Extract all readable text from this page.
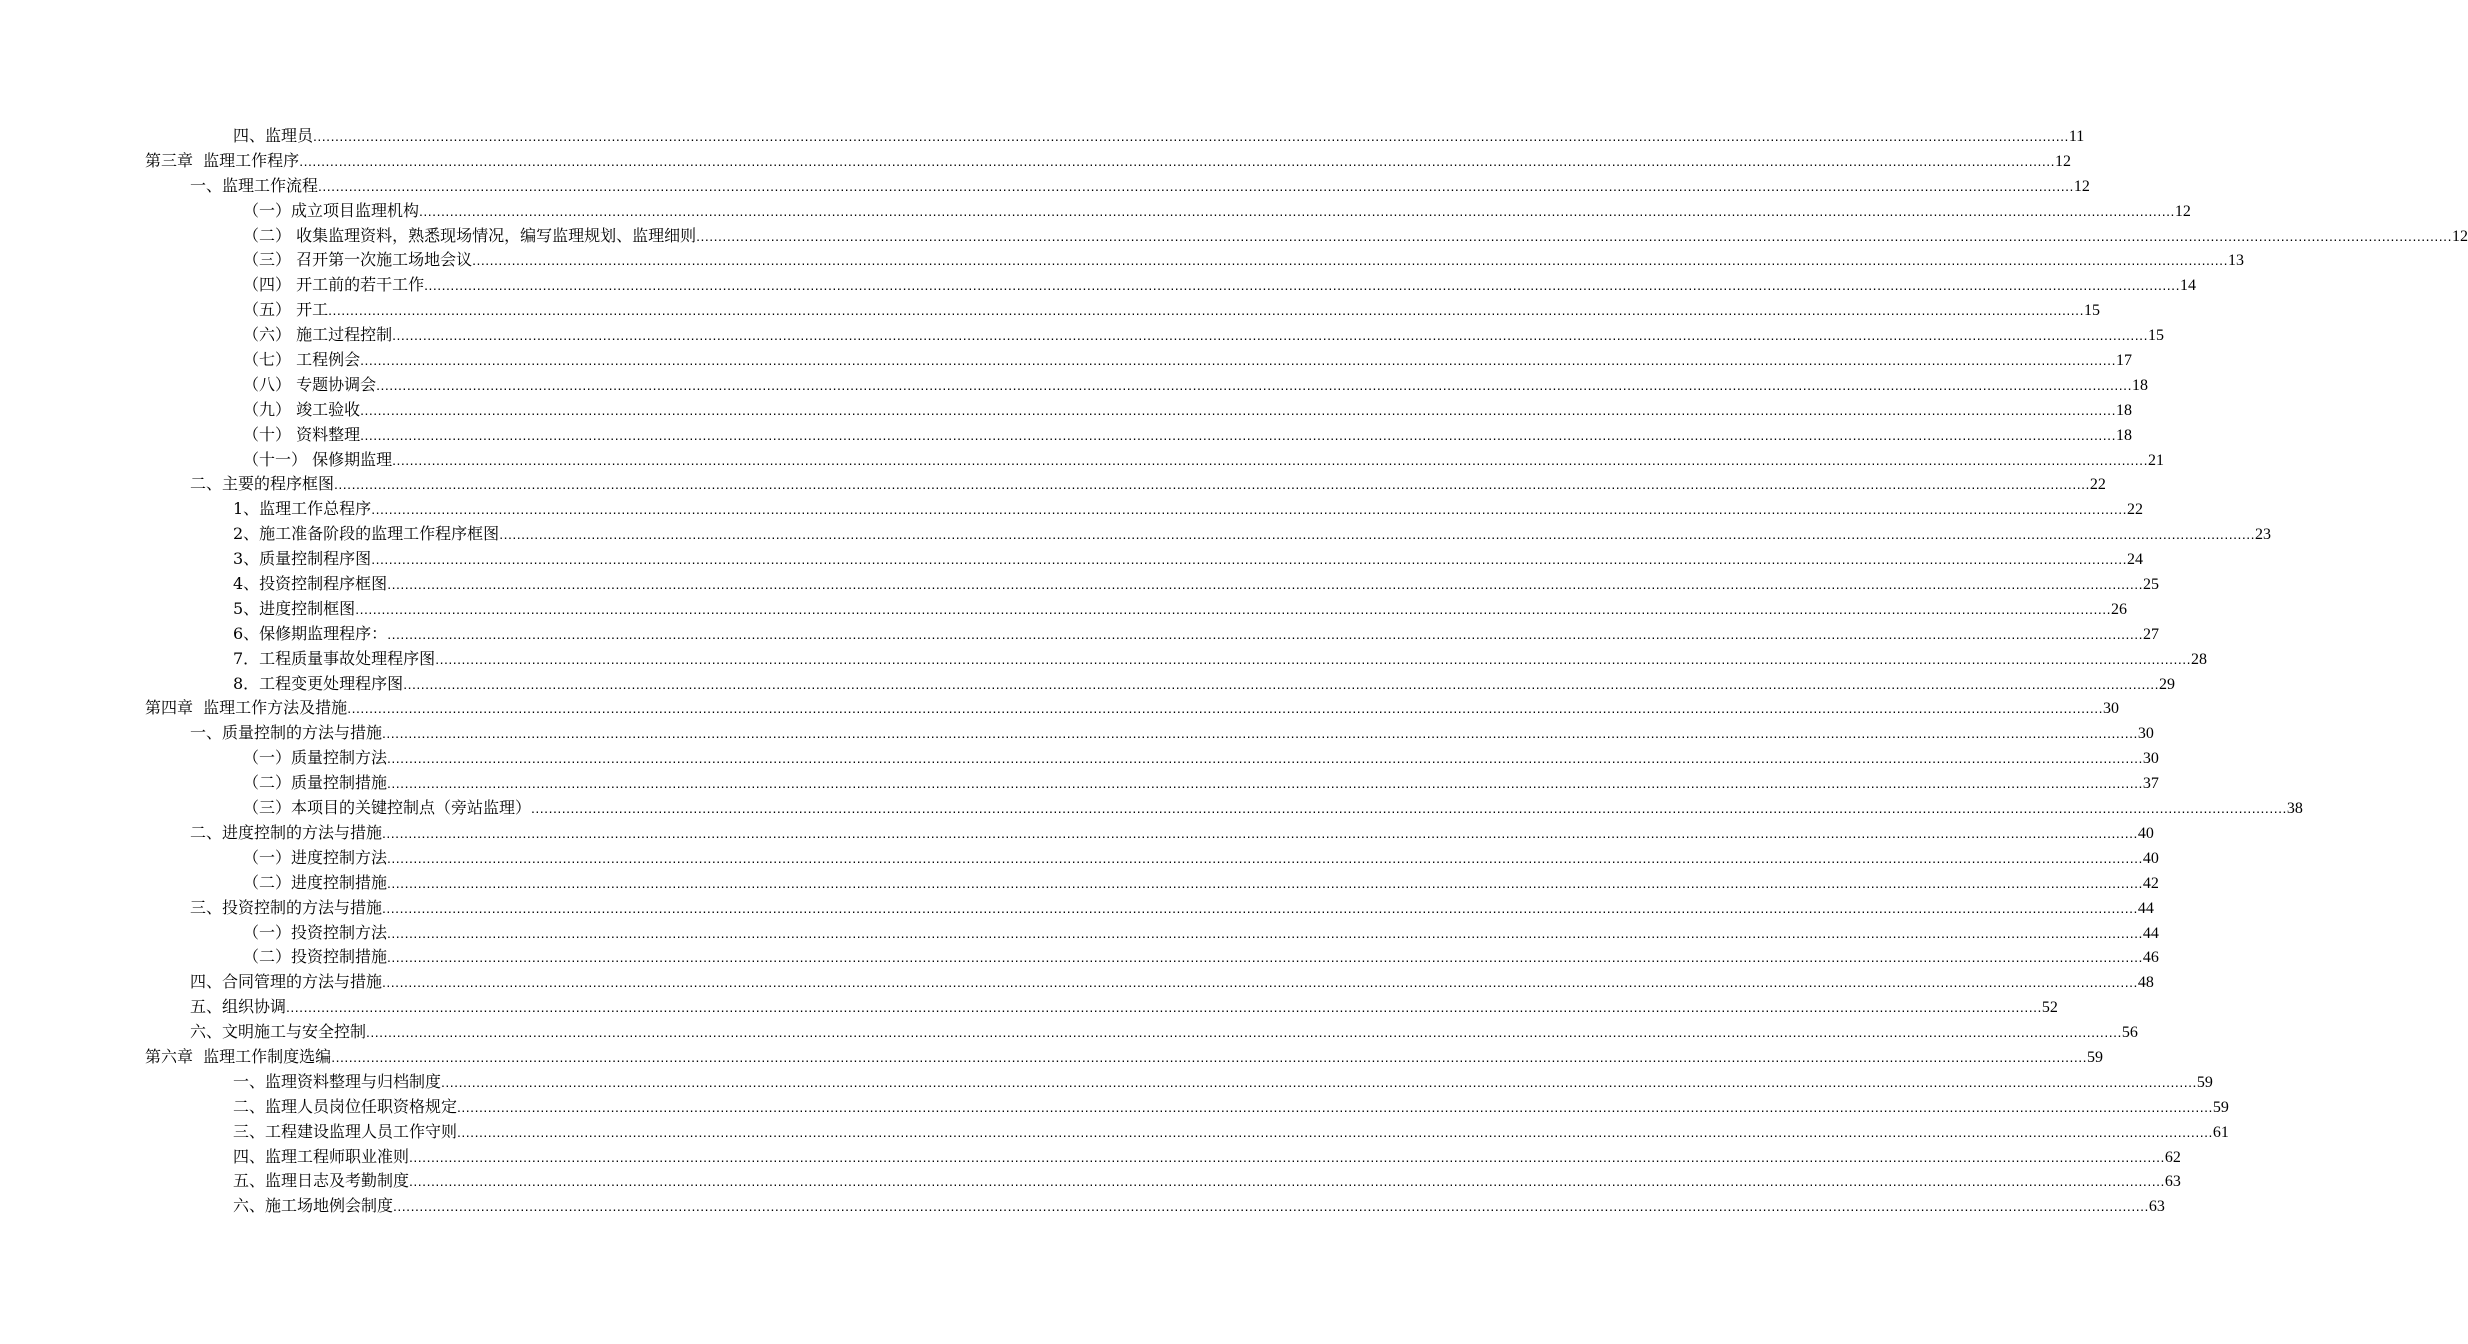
四、监理员 ................................................................................................................................................................................................................................................................................................................................................................................................................ 11
第三章  监理工作程序 ................................................................................................................................................................................................................................................................................................................................................................................................................ 12
一、监理工作流程 ................................................................................................................................................................................................................................................................................................................................................................................................................ 12
（一）成立项目监理机构 ................................................................................................................................................................................................................................................................................................................................................................................................................ 12
（二） 收集监理资料，熟悉现场情况，编写监理规划、监理细则 ................................................................................................................................................................................................................................................................................................................................................................................................................ 12
（三） 召开第一次施工场地会议 ................................................................................................................................................................................................................................................................................................................................................................................................................ 13
（四） 开工前的若干工作 ................................................................................................................................................................................................................................................................................................................................................................................................................ 14
（五） 开工 ................................................................................................................................................................................................................................................................................................................................................................................................................ 15
（六） 施工过程控制 ................................................................................................................................................................................................................................................................................................................................................................................................................ 15
（七） 工程例会 ................................................................................................................................................................................................................................................................................................................................................................................................................ 17
（八） 专题协调会 ................................................................................................................................................................................................................................................................................................................................................................................................................ 18
（九） 竣工验收 ................................................................................................................................................................................................................................................................................................................................................................................................................ 18
（十） 资料整理 ................................................................................................................................................................................................................................................................................................................................................................................................................ 18
（十一） 保修期监理 ................................................................................................................................................................................................................................................................................................................................................................................................................ 21
二、主要的程序框图 ................................................................................................................................................................................................................................................................................................................................................................................................................ 22
1、监理工作总程序 ................................................................................................................................................................................................................................................................................................................................................................................................................ 22
2、施工准备阶段的监理工作程序框图 ................................................................................................................................................................................................................................................................................................................................................................................................................ 23
3、质量控制程序图 ................................................................................................................................................................................................................................................................................................................................................................................................................ 24
4、投资控制程序框图 ................................................................................................................................................................................................................................................................................................................................................................................................................ 25
5、进度控制框图 ................................................................................................................................................................................................................................................................................................................................................................................................................ 26
6、保修期监理程序： ................................................................................................................................................................................................................................................................................................................................................................................................................ 27
7．工程质量事故处理程序图 ................................................................................................................................................................................................................................................................................................................................................................................................................ 28
8．工程变更处理程序图 ................................................................................................................................................................................................................................................................................................................................................................................................................ 29
第四章  监理工作方法及措施 ................................................................................................................................................................................................................................................................................................................................................................................................................ 30
一、质量控制的方法与措施 ................................................................................................................................................................................................................................................................................................................................................................................................................ 30
（一）质量控制方法 ................................................................................................................................................................................................................................................................................................................................................................................................................ 30
（二）质量控制措施 ................................................................................................................................................................................................................................................................................................................................................................................................................ 37
（三）本项目的关键控制点（旁站监理） ................................................................................................................................................................................................................................................................................................................................................................................................................ 38
二、进度控制的方法与措施 ................................................................................................................................................................................................................................................................................................................................................................................................................ 40
（一）进度控制方法 ................................................................................................................................................................................................................................................................................................................................................................................................................ 40
（二）进度控制措施 ................................................................................................................................................................................................................................................................................................................................................................................................................ 42
三、投资控制的方法与措施 ................................................................................................................................................................................................................................................................................................................................................................................................................ 44
（一）投资控制方法 ................................................................................................................................................................................................................................................................................................................................................................................................................ 44
（二）投资控制措施 ................................................................................................................................................................................................................................................................................................................................................................................................................ 46
四、合同管理的方法与措施 ................................................................................................................................................................................................................................................................................................................................................................................................................ 48
五、组织协调 ................................................................................................................................................................................................................................................................................................................................................................................................................ 52
六、文明施工与安全控制 ................................................................................................................................................................................................................................................................................................................................................................................................................ 56
第六章  监理工作制度选编 ................................................................................................................................................................................................................................................................................................................................................................................................................ 59
一、监理资料整理与归档制度 ................................................................................................................................................................................................................................................................................................................................................................................................................ 59
二、监理人员岗位任职资格规定 ................................................................................................................................................................................................................................................................................................................................................................................................................ 59
三、工程建设监理人员工作守则 ................................................................................................................................................................................................................................................................................................................................................................................................................ 61
四、监理工程师职业准则 ................................................................................................................................................................................................................................................................................................................................................................................................................ 62
五、监理日志及考勤制度 ................................................................................................................................................................................................................................................................................................................................................................................................................ 63
六、施工场地例会制度 ................................................................................................................................................................................................................................................................................................................................................................................................................ 63
